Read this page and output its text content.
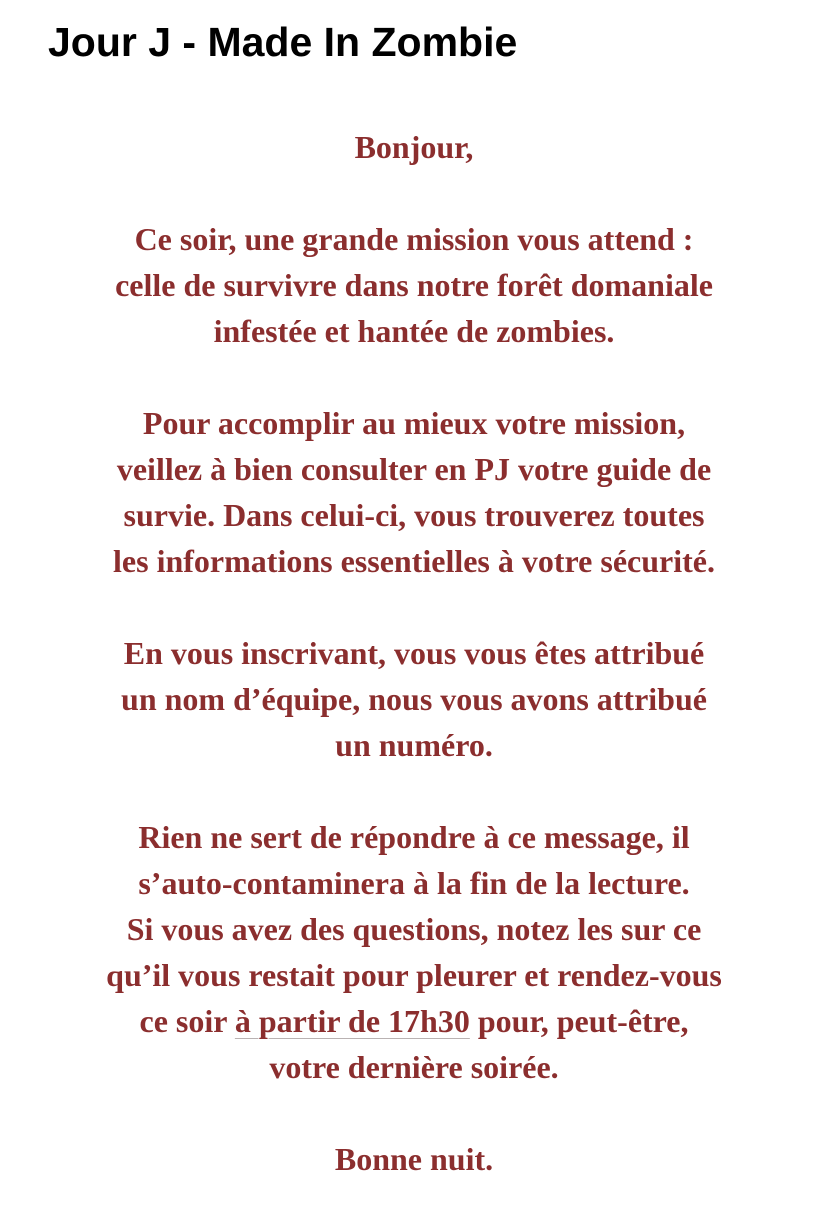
Jour J - Made In Zombie

Bonjour,

Ce soir, une grande mission vous attend :
celle de survivre dans notre forêt domaniale
infestée et hantée de zombies.

Pour accomplir au mieux votre mission,
veillez à bien consulter en PJ votre guide de
survie. Dans celui-ci, vous trouverez toutes
les informations essentielles à votre sécurité.

En vous inscrivant, vous vous êtes attribué
un nom d’équipe, nous vous avons attribué
un numéro.

Rien ne sert de répondre à ce message, il
s’auto-contaminera à la fin de la lecture.
Si vous avez des questions, notez les sur ce
qu’il vous restait pour pleurer et rendez-vous
ce soir à partir de 17h30 pour, peut-être,
votre dernière soirée.

Bonne nuit.
